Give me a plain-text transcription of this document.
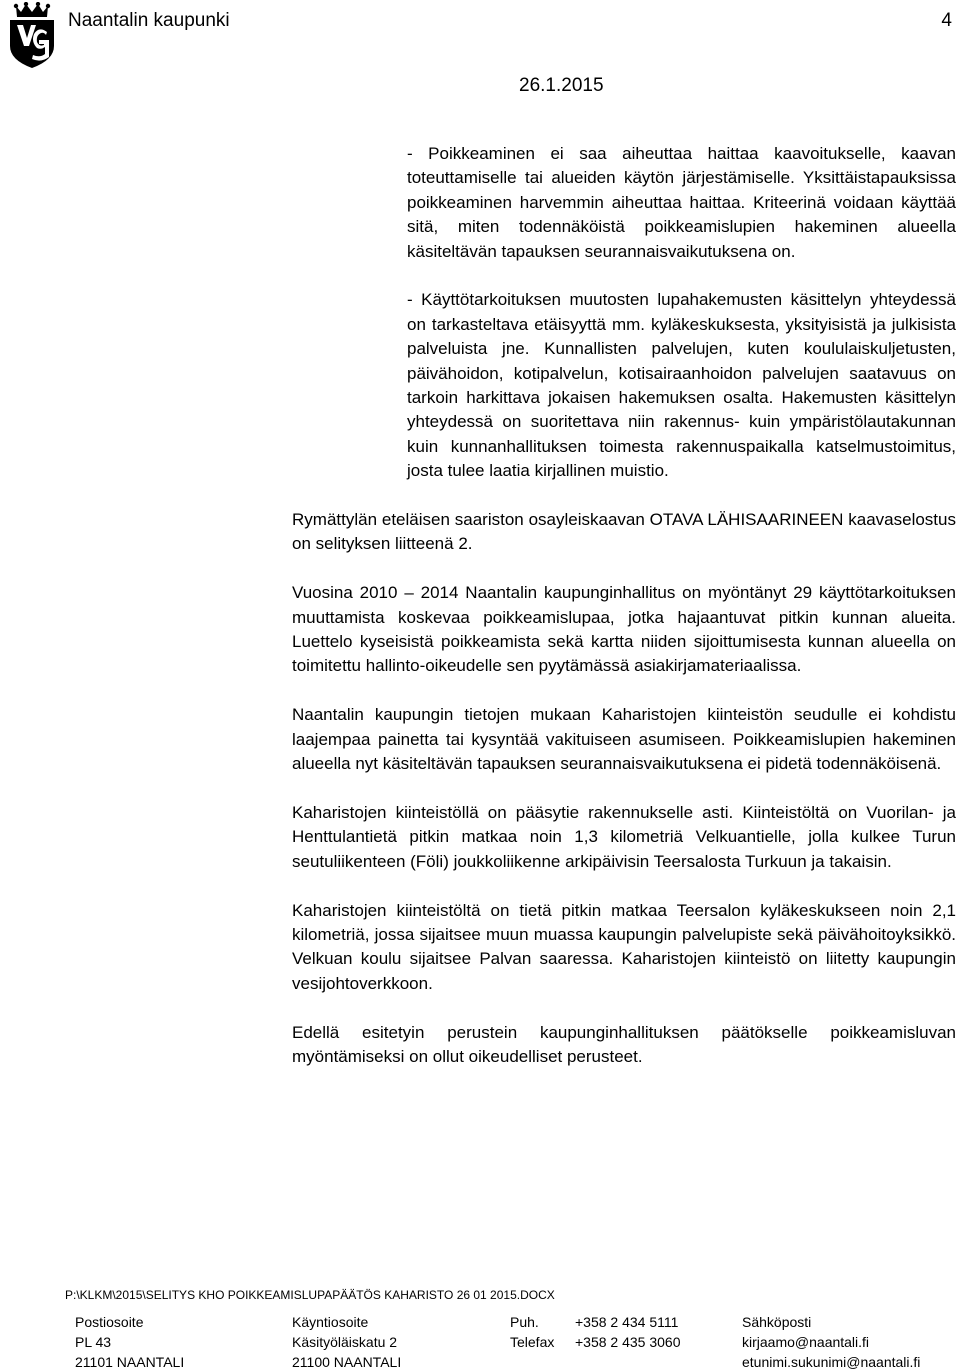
Naantalin kaupunki	4
26.1.2015

- Poikkeaminen ei saa aiheuttaa haittaa kaavoitukselle, kaavan toteuttamiselle tai alueiden käytön järjestämiselle. Yksittäistapauksissa poikkeaminen harvemmin aiheuttaa haittaa. Kriteerinä voidaan käyttää sitä, miten todennäköistä poikkeamislupien hakeminen alueella käsiteltävän tapauksen seurannaisvaikutuksena on.

- Käyttötarkoituksen muutosten lupahakemusten käsittelyn yhteydessä on tarkasteltava etäisyyttä mm. kyläkeskuksesta, yksityisistä ja julkisista palveluista jne. Kunnallisten palvelujen, kuten koululaiskuljetusten, päivähoidon, kotipalvelun, kotisairaanhoidon palvelujen saatavuus on tarkoin harkittava jokaisen hakemuksen osalta. Hakemusten käsittelyn yhteydessä on suoritettava niin rakennus- kuin ympäristölautakunnan kuin kunnanhallituksen toimesta rakennuspaikalla katselmustoimitus, josta tulee laatia kirjallinen muistio.

Rymättylän eteläisen saariston osayleiskaavan OTAVA LÄHISAARINEEN kaavaselostus on selityksen liitteenä 2.

Vuosina 2010 – 2014 Naantalin kaupunginhallitus on myöntänyt 29 käyttötarkoituksen muuttamista koskevaa poikkeamislupaa, jotka hajaantuvat pitkin kunnan alueita. Luettelo kyseisistä poikkeamista sekä kartta niiden sijoittumisesta kunnan alueella on toimitettu hallinto-oikeudelle sen pyytämässä asiakirjamateriaalissa.

Naantalin kaupungin tietojen mukaan Kaharistojen kiinteistön seudulle ei kohdistu laajempaa painetta tai kysyntää vakituiseen asumiseen. Poikkeamislupien hakeminen alueella nyt käsiteltävän tapauksen seurannaisvaikutuksena ei pidetä todennäköisenä.

Kaharistojen kiinteistöllä on pääsytie rakennukselle asti. Kiinteistöltä on Vuorilan- ja Henttulantietä pitkin matkaa noin 1,3 kilometriä Velkuantielle, jolla kulkee Turun seutuliikenteen (Föli) joukkoliikenne arkipäivisin Teersalosta Turkuun ja takaisin.

Kaharistojen kiinteistöltä on tietä pitkin matkaa Teersalon kyläkeskukseen noin 2,1 kilometriä, jossa sijaitsee muun muassa kaupungin palvelupiste sekä päivähoitoyksikkö. Velkuan koulu sijaitsee Palvan saaressa. Kaharistojen kiinteistö on liitetty kaupungin vesijohtoverkkoon.

Edellä esitetyin perustein kaupunginhallituksen päätökselle poikkeamisluvan myöntämiseksi on ollut oikeudelliset perusteet.

P:\KLKM\2015\SELITYS KHO POIKKEAMISLUPAPÄÄTÖS KAHARISTO 26 01 2015.DOCX
Postiosoite
PL 43
21101 NAANTALI
Käyntiosoite
Käsityöläiskatu 2
21100 NAANTALI
Puh.	+358 2 434 5111
Telefax +358 2 435 3060
Sähköposti
kirjaamo@naantali.fi
etunimi.sukunimi@naantali.fi
